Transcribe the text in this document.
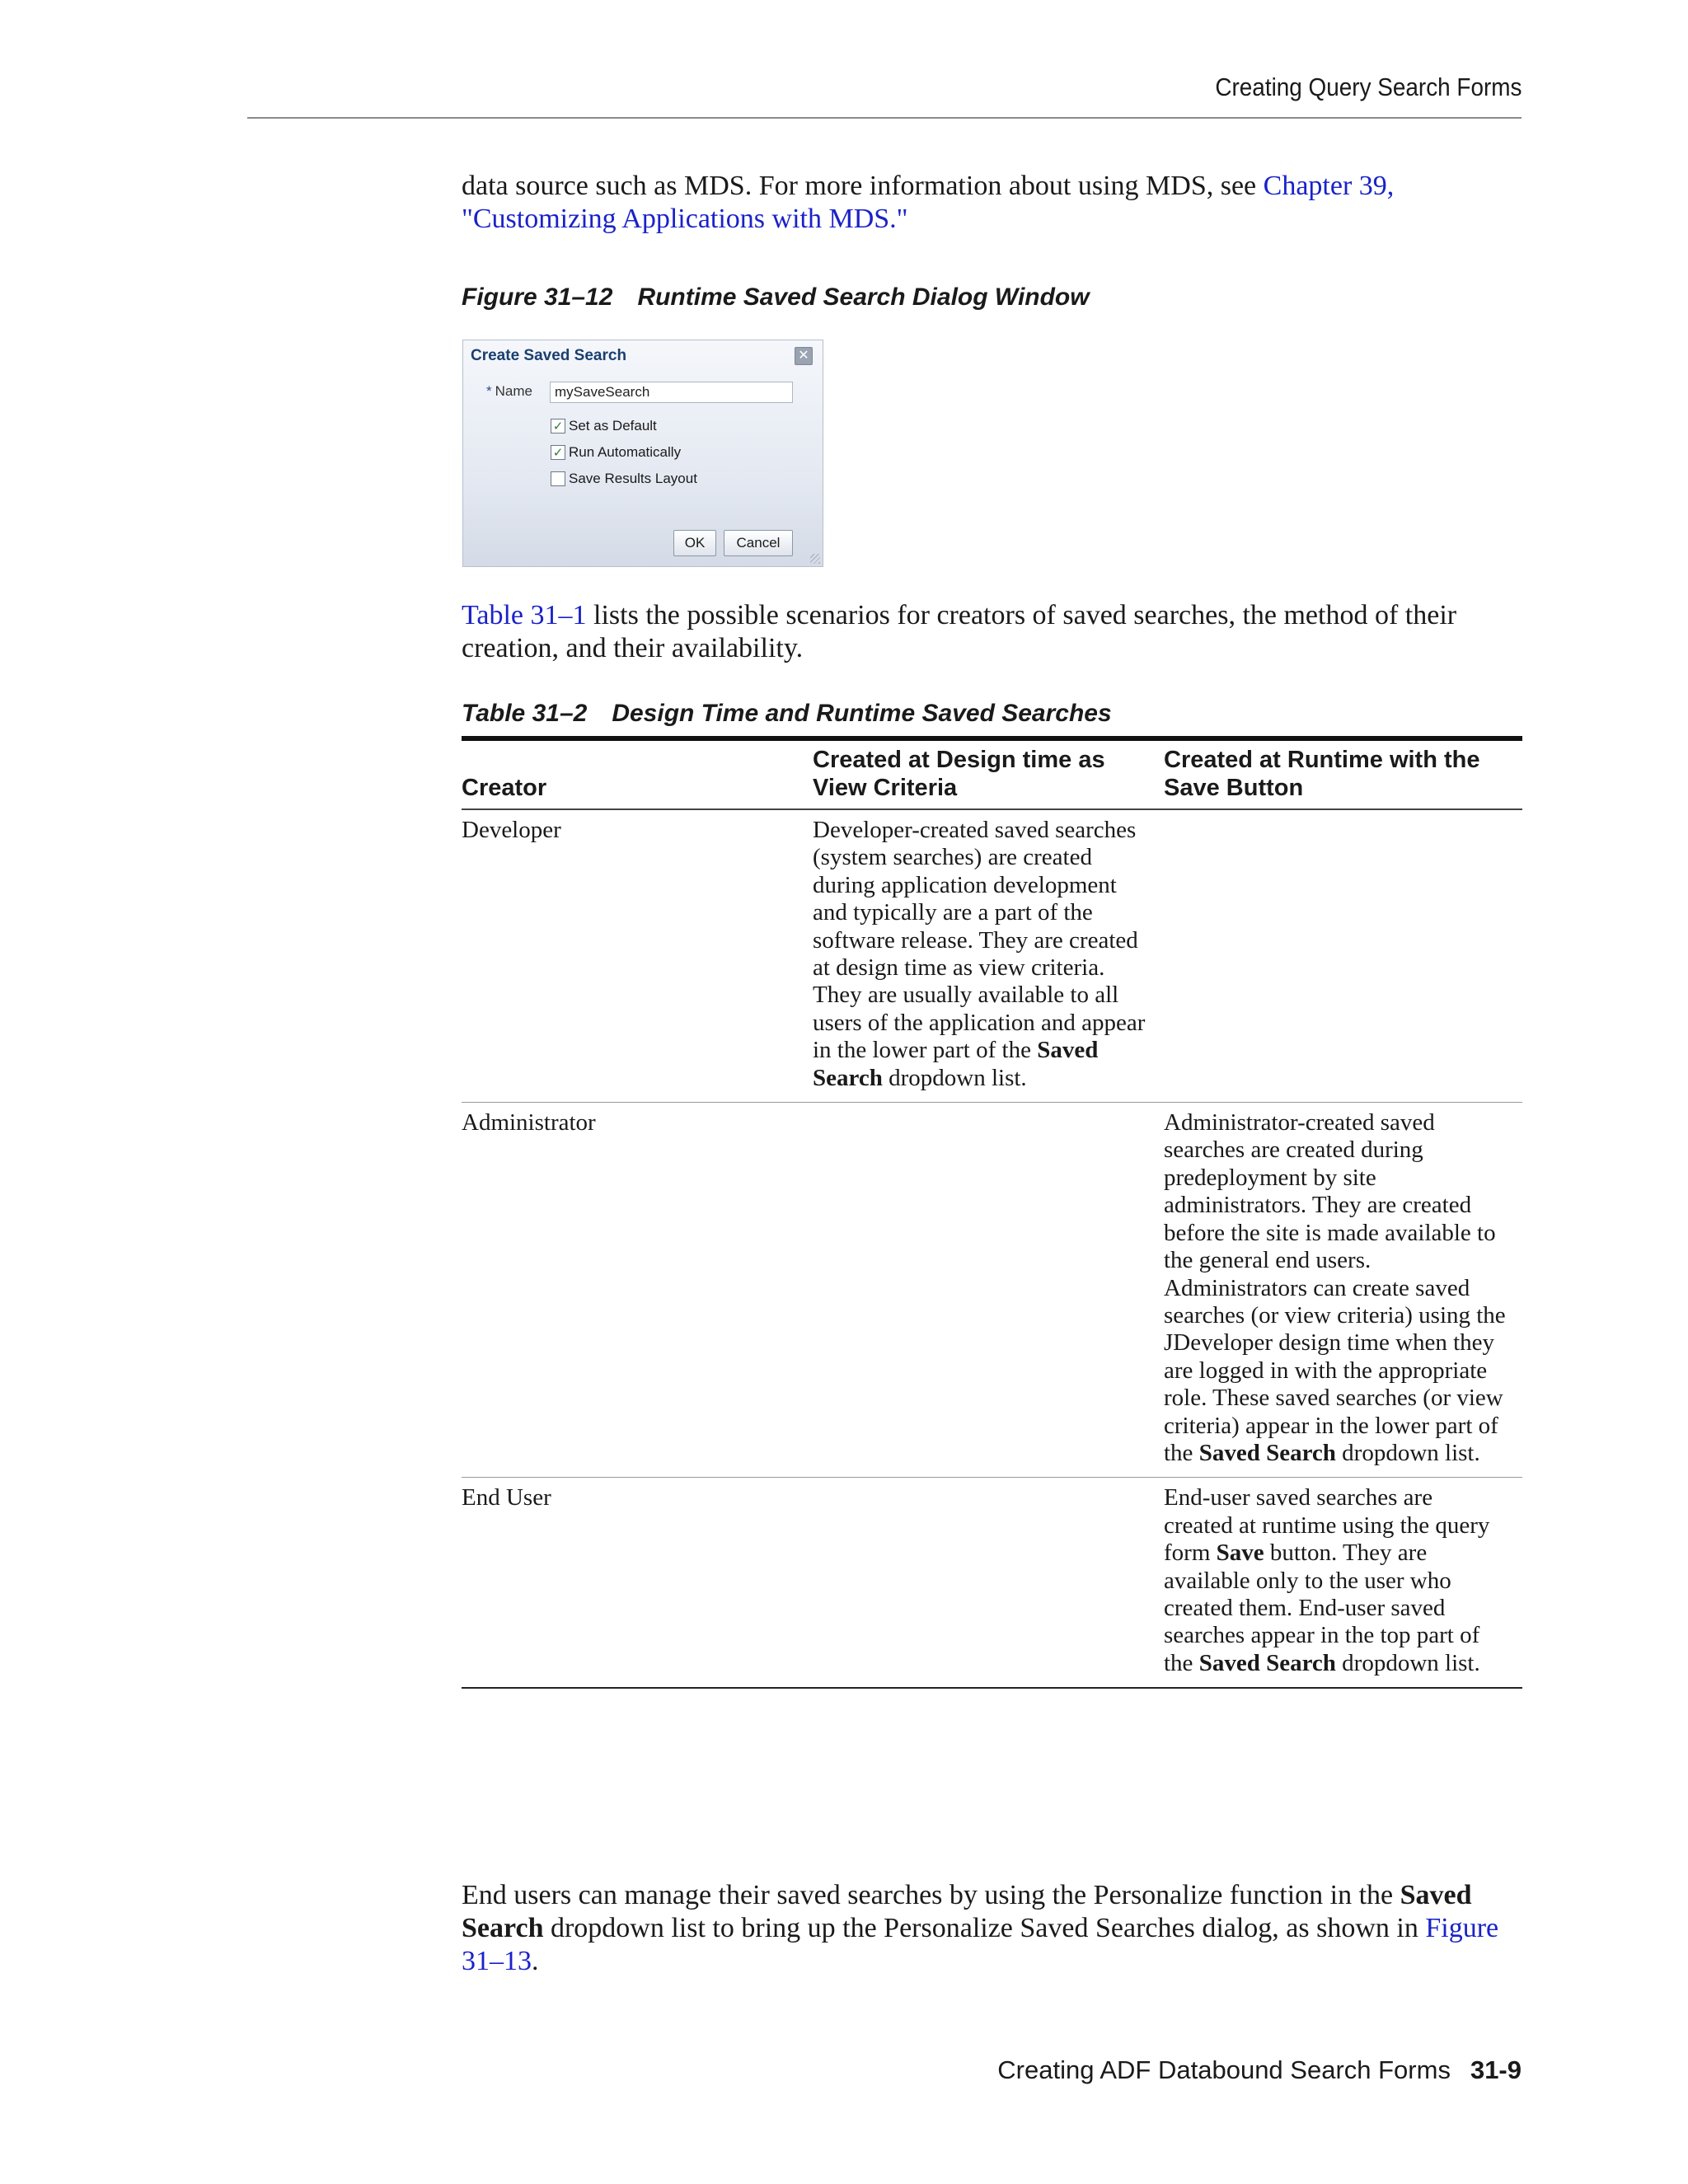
Creating Query Search Forms

data source such as MDS. For more information about using MDS, see Chapter 39, "Customizing Applications with MDS."

Figure 31–12 Runtime Saved Search Dialog Window
Create Saved Search	✕
* Name
mySaveSearch
✓ Set as Default
✓ Run Automatically
Save Results Layout
OK	Cancel

Table 31–1 lists the possible scenarios for creators of saved searches, the method of their creation, and their availability.

Table 31–2 Design Time and Runtime Saved Searches
Creator	Created at Design time as View Criteria	Created at Runtime with the Save Button
Developer	Developer-created saved searches (system searches) are created during application development and typically are a part of the software release. They are created at design time as view criteria. They are usually available to all users of the application and appear in the lower part of the Saved Search dropdown list.	
Administrator		Administrator-created saved searches are created during predeployment by site administrators. They are created before the site is made available to the general end users. Administrators can create saved searches (or view criteria) using the JDeveloper design time when they are logged in with the appropriate role. These saved searches (or view criteria) appear in the lower part of the Saved Search dropdown list.
End User		End-user saved searches are created at runtime using the query form Save button. They are available only to the user who created them. End-user saved searches appear in the top part of the Saved Search dropdown list.

End users can manage their saved searches by using the Personalize function in the Saved Search dropdown list to bring up the Personalize Saved Searches dialog, as shown in Figure 31–13.

Creating ADF Databound Search Forms 31-9
